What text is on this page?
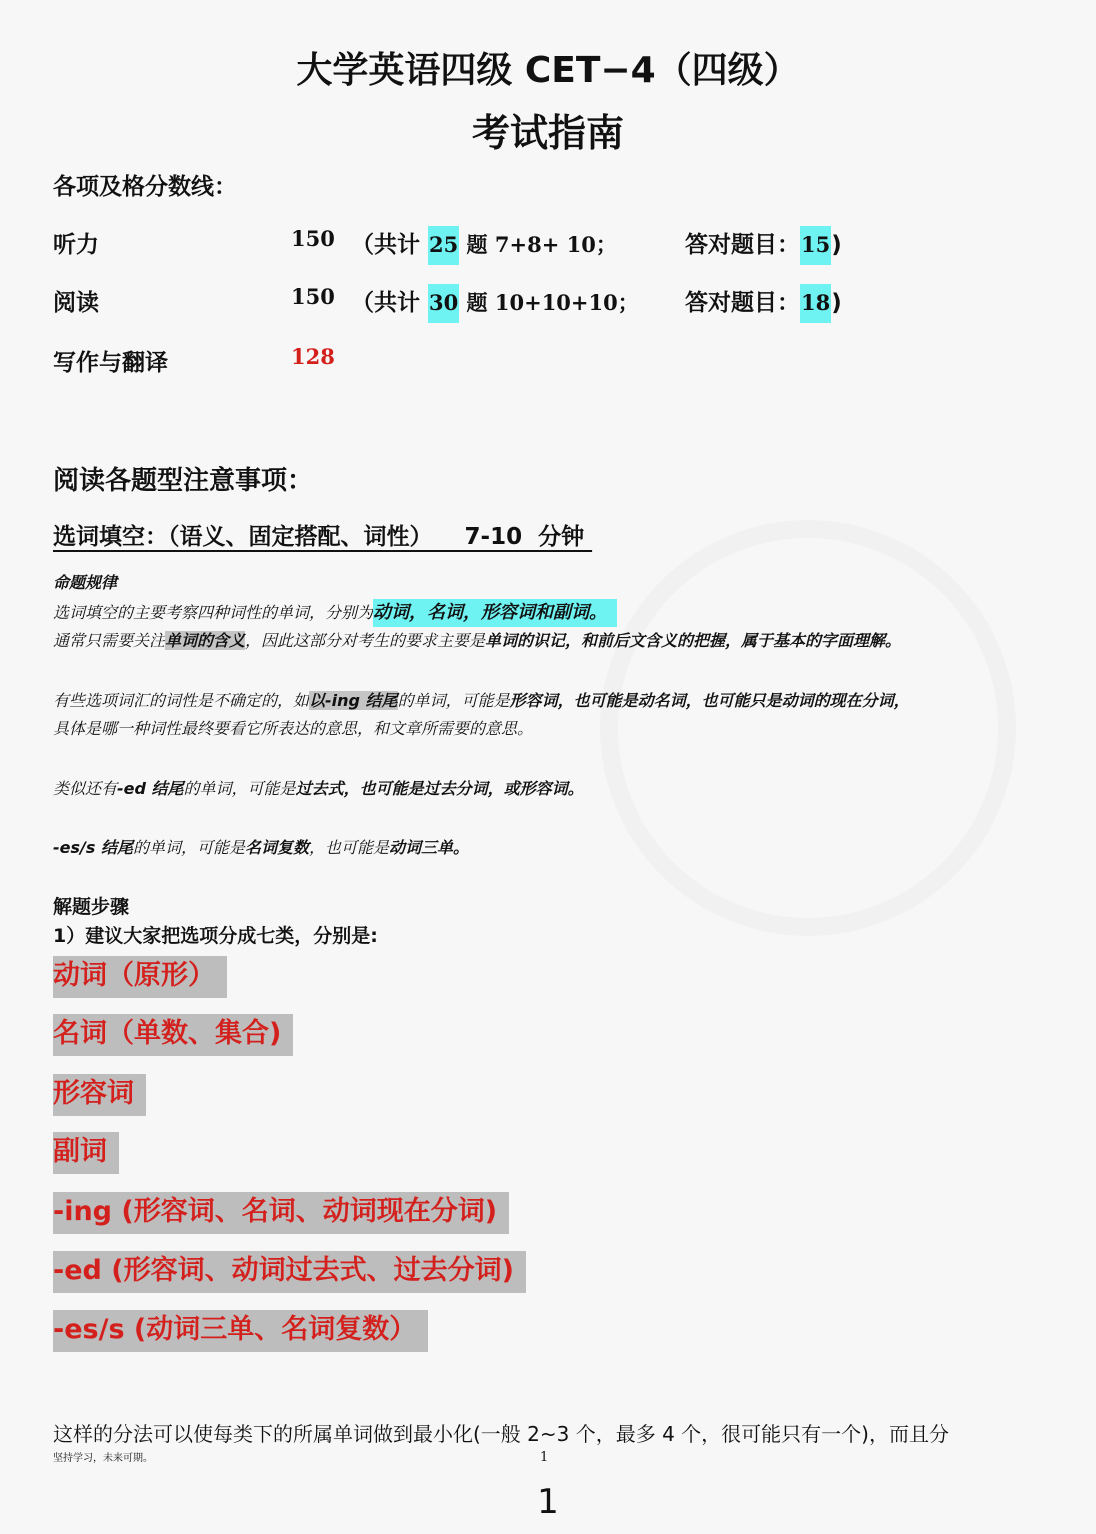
大学英语四级 CET−4（四级）
考试指南
各项及格分数线：
听力	150 （共计 25 题 7+8+ 10；	答对题目：15)
阅读	150 （共计 30 题 10+10+10； 答对题目：18)
写作与翻译	128
阅读各题型注意事项：
选词填空：（语义、固定搭配、词性）    7-10  分钟
命题规律
选词填空的主要考察四种词性的单词，分别为动词，名词，形容词和副词。
通常只需要关注单词的含义，因此这部分对考生的要求主要是单词的识记，和前后文含义的把握，属于基本的字面理解。
有些选项词汇的词性是不确定的，如以-ing 结尾的单词，可能是形容词，也可能是动名词，也可能只是动词的现在分词，
具体是哪一种词性最终要看它所表达的意思，和文章所需要的意思。
类似还有-ed 结尾的单词，可能是过去式，也可能是过去分词，或形容词。
-es/s 结尾的单词，可能是名词复数，也可能是动词三单。
解题步骤
1）建议大家把选项分成七类，分别是:
动词（原形）
名词（单数、集合)
形容词
副词
-ing (形容词、名词、动词现在分词)
-ed (形容词、动词过去式、过去分词)
-es/s (动词三单、名词复数）
这样的分法可以使每类下的所属单词做到最小化(一般 2~3 个，最多 4 个，很可能只有一个)，而且分
坚持学习，未来可期。	1
1
